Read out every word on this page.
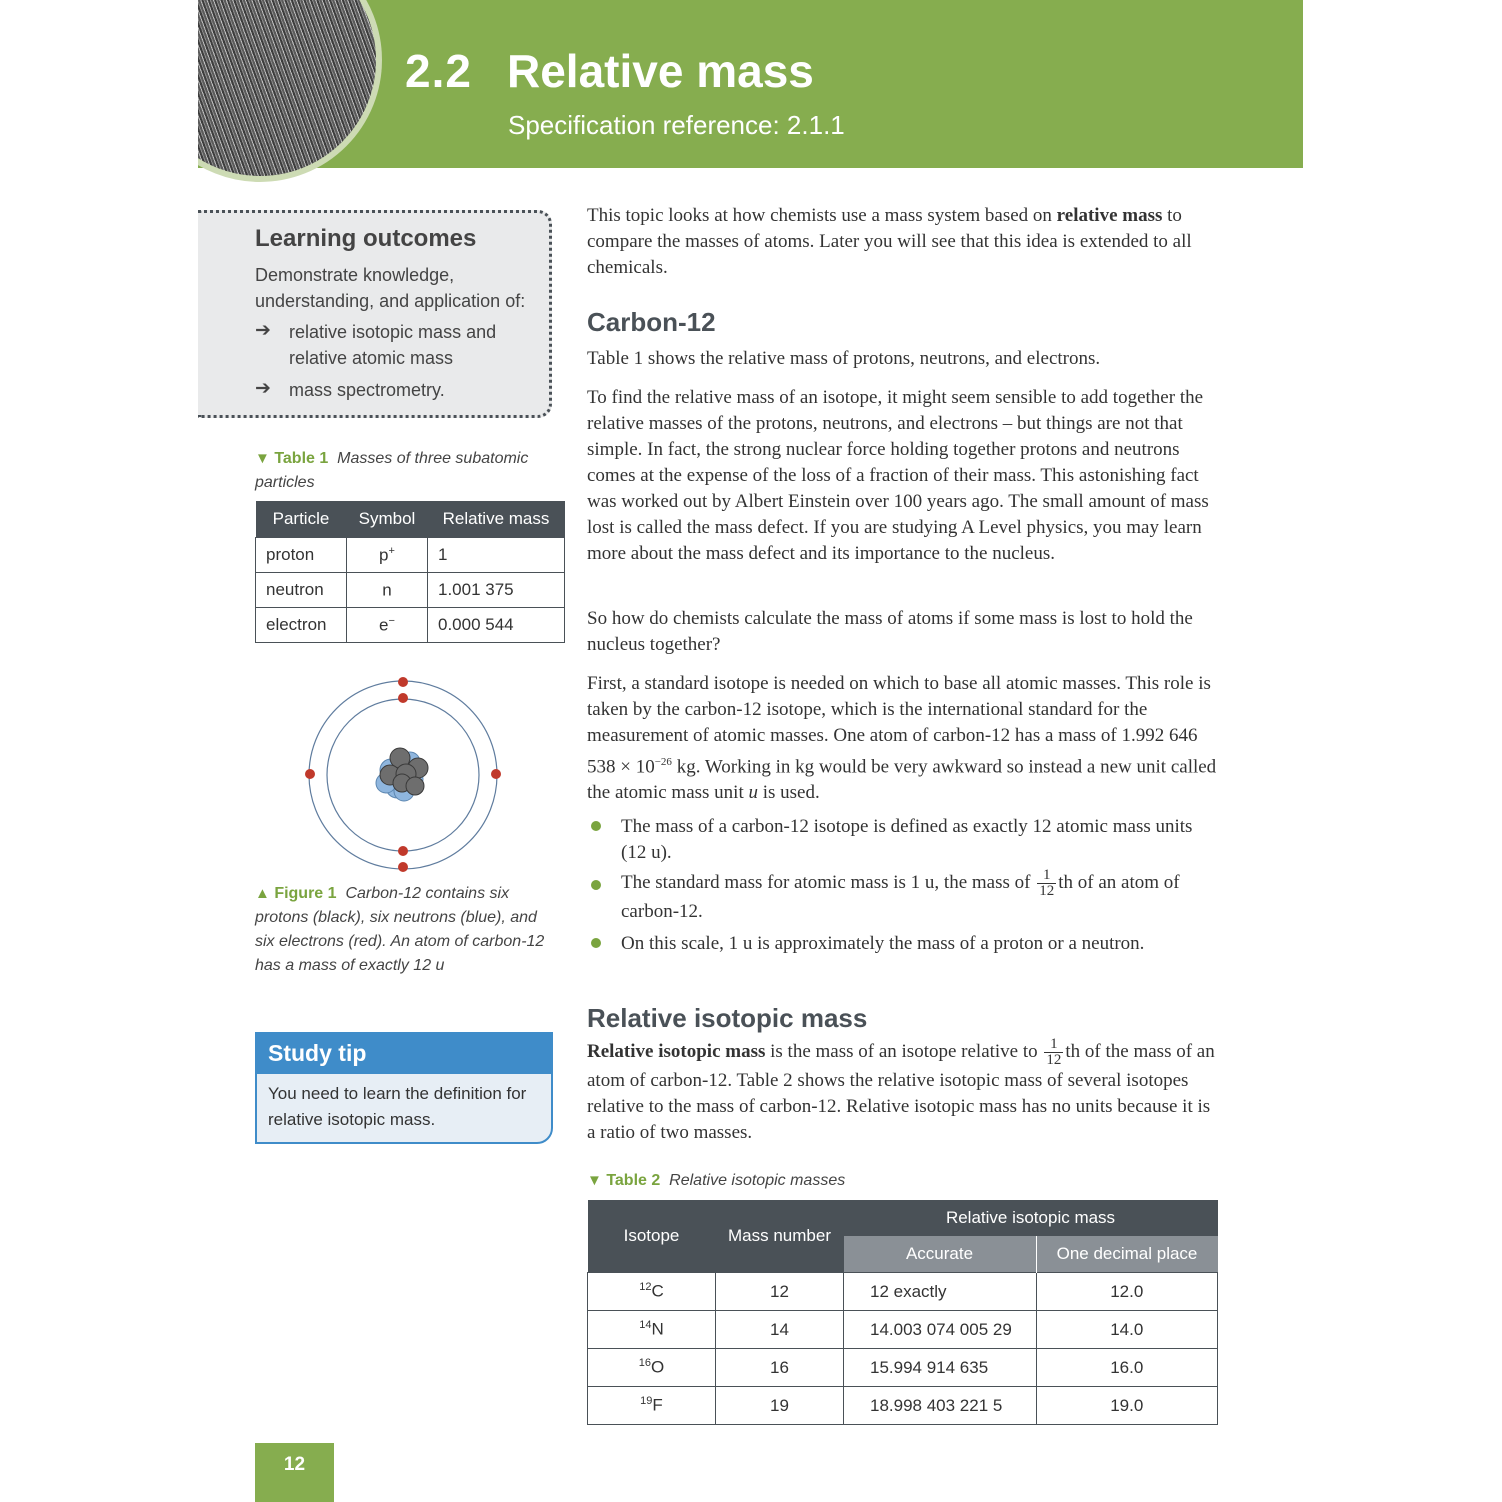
2.2 Relative mass
Specification reference: 2.1.1
Learning outcomes
Demonstrate knowledge, understanding, and application of:
➔ relative isotopic mass and relative atomic mass
➔ mass spectrometry.
▼ Table 1 Masses of three subatomic particles
Particle	Symbol	Relative mass
proton	p+	1
neutron	n	1.001 375
electron	e−	0.000 544
▲ Figure 1 Carbon-12 contains six protons (black), six neutrons (blue), and six electrons (red). An atom of carbon-12 has a mass of exactly 12 u
Study tip
You need to learn the definition for relative isotopic mass.
This topic looks at how chemists use a mass system based on relative mass to compare the masses of atoms. Later you will see that this idea is extended to all chemicals.
Carbon-12
Table 1 shows the relative mass of protons, neutrons, and electrons.
To find the relative mass of an isotope, it might seem sensible to add together the relative masses of the protons, neutrons, and electrons – but things are not that simple. In fact, the strong nuclear force holding together protons and neutrons comes at the expense of the loss of a fraction of their mass. This astonishing fact was worked out by Albert Einstein over 100 years ago. The small amount of mass lost is called the mass defect. If you are studying A Level physics, you may learn more about the mass defect and its importance to the nucleus.
So how do chemists calculate the mass of atoms if some mass is lost to hold the nucleus together?
First, a standard isotope is needed on which to base all atomic masses. This role is taken by the carbon-12 isotope, which is the international standard for the measurement of atomic masses. One atom of carbon-12 has a mass of 1.992 646 $538 \times 10^{-26}$ kg. Working in kg would be very awkward so instead a new unit called the atomic mass unit u is used.
The mass of a carbon-12 isotope is defined as exactly 12 atomic mass units (12 u).
The standard mass for atomic mass is 1 u, the mass of $\frac{1}{12}$ th of an atom of carbon-12.
On this scale, 1 u is approximately the mass of a proton or a neutron.
Relative isotopic mass
Relative isotopic mass is the mass of an isotope relative to $\frac{1}{12}$ th of the mass of an atom of carbon-12. Table 2 shows the relative isotopic mass of several isotopes relative to the mass of carbon-12. Relative isotopic mass has no units because it is a ratio of two masses.
▼ Table 2 Relative isotopic masses
Isotope	Mass number	Relative isotopic mass	
		Accurate	One decimal place
$^{12}$C	12	12 exactly	12.0
$^{14}$N	14	14.003 074 005 29	14.0
$^{16}$O	16	15.994 914 635	16.0
$^{19}$F	19	18.998 403 221 5	19.0
12
